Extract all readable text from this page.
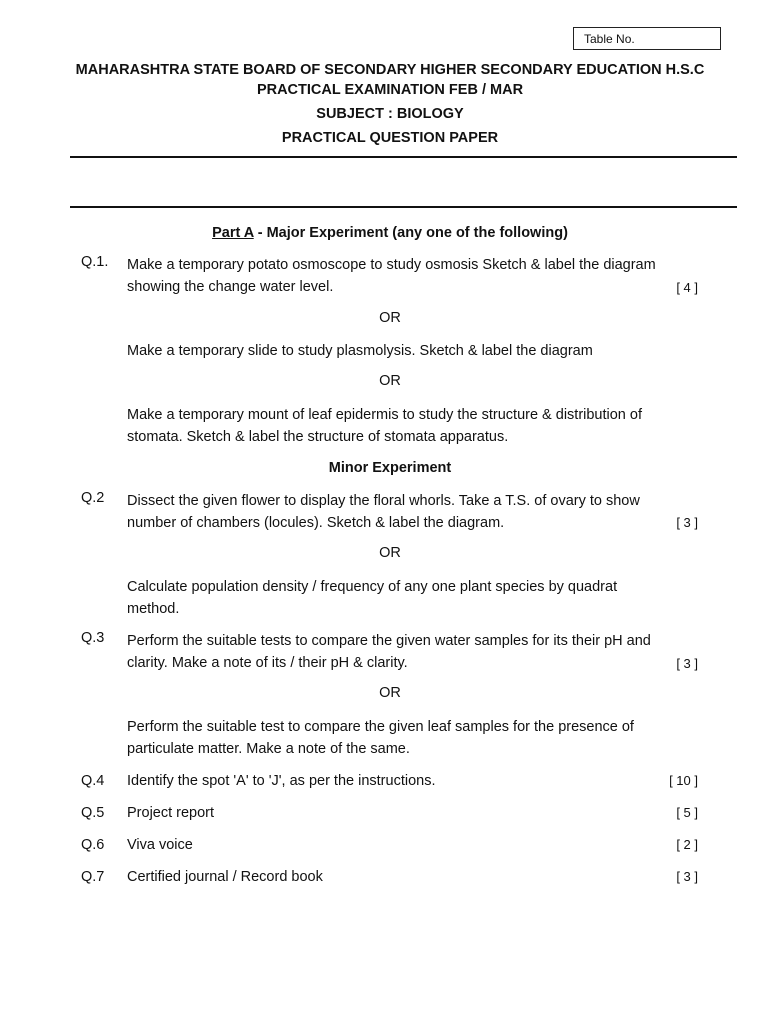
Table No.
MAHARASHTRA STATE BOARD OF SECONDARY HIGHER SECONDARY EDUCATION H.S.C
PRACTICAL EXAMINATION FEB / MAR
SUBJECT : BIOLOGY
PRACTICAL QUESTION PAPER
Part A - Major Experiment (any one of the following)
Q.1. Make a temporary potato osmoscope to study osmosis Sketch & label the diagram
showing the change water level.	[ 4 ]
OR
Make a temporary slide to study plasmolysis. Sketch & label the diagram
OR
Make a temporary mount of leaf epidermis to study the structure & distribution of
stomata. Sketch & label the structure of stomata apparatus.
Minor Experiment
Q.2 Dissect the given flower to display the floral whorls. Take a T.S. of ovary to show
number of chambers (locules). Sketch & label the diagram.	[ 3 ]
OR
Calculate population density / frequency of any one plant species by quadrat
method.
Q.3 Perform the suitable tests to compare the given water samples for its their pH and
clarity. Make a note of its / their pH & clarity.	[ 3 ]
OR
Perform the suitable test to compare the given leaf samples for the presence of
particulate matter. Make a note of the same.
Q.4 Identify the spot 'A' to 'J', as per the instructions.	[ 10 ]
Q.5 Project report	[ 5 ]
Q.6 Viva voice	[ 2 ]
Q.7 Certified journal / Record book	[ 3 ]
